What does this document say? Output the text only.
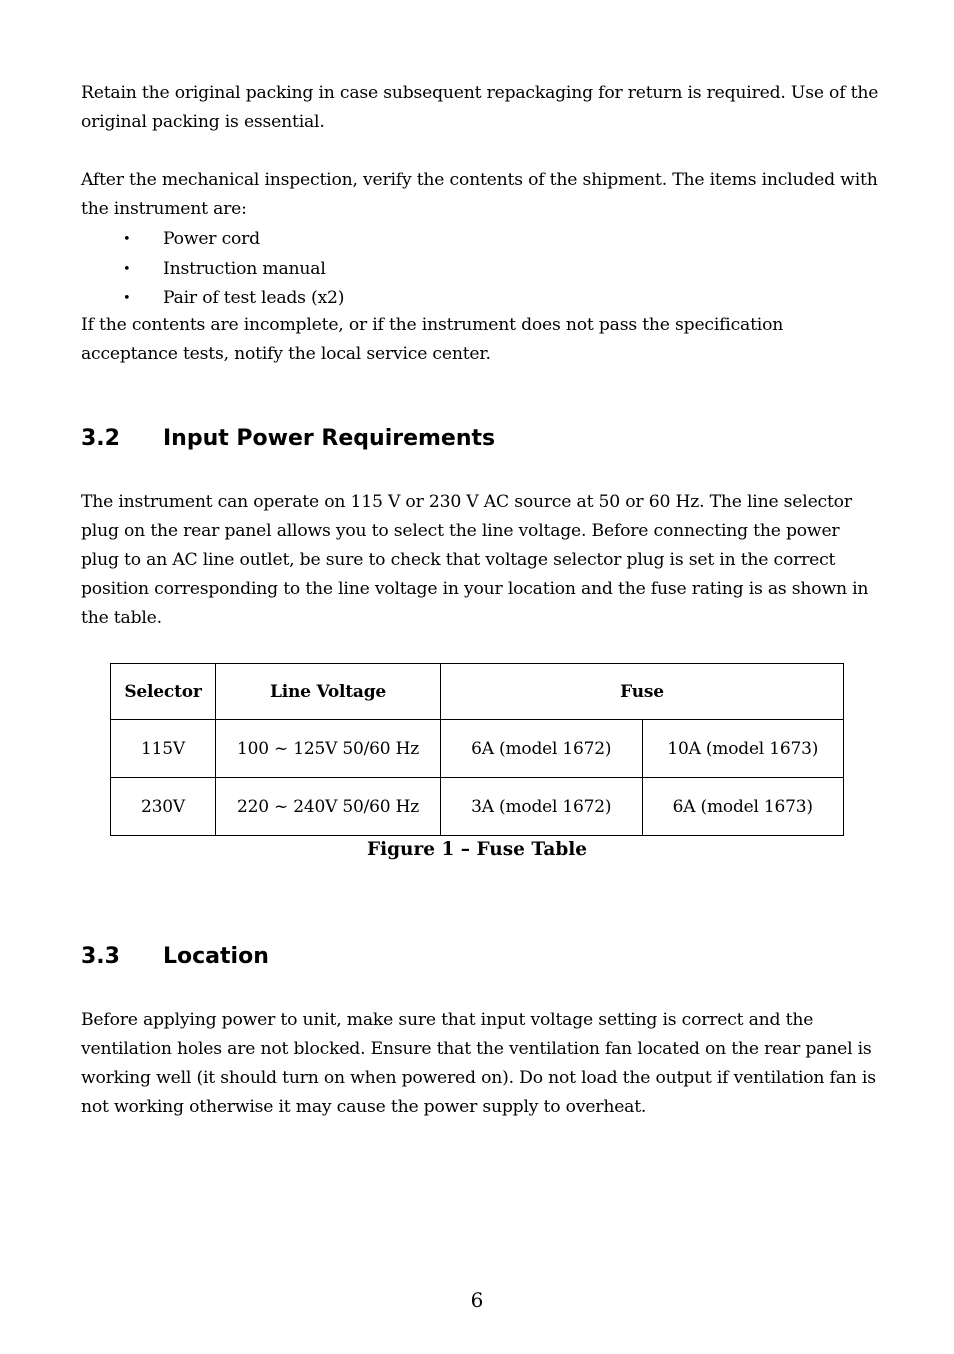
Retain the original packing in case subsequent repackaging for return is required. Use of the original packing is essential.

After the mechanical inspection, verify the contents of the shipment. The items included with the instrument are:

• Power cord
• Instruction manual
• Pair of test leads (x2)

If the contents are incomplete, or if the instrument does not pass the specification acceptance tests, notify the local service center.

3.2 Input Power Requirements

The instrument can operate on 115 V or 230 V AC source at 50 or 60 Hz. The line selector plug on the rear panel allows you to select the line voltage. Before connecting the power plug to an AC line outlet, be sure to check that voltage selector plug is set in the correct position corresponding to the line voltage in your location and the fuse rating is as shown in the table.

Selector	Line Voltage	Fuse	
115V	100 ~ 125V 50/60 Hz	6A (model 1672)	10A (model 1673)
230V	220 ~ 240V 50/60 Hz	3A (model 1672)	6A (model 1673)
Figure 1 – Fuse Table
3.3 Location

Before applying power to unit, make sure that input voltage setting is correct and the ventilation holes are not blocked. Ensure that the ventilation fan located on the rear panel is working well (it should turn on when powered on). Do not load the output if ventilation fan is not working otherwise it may cause the power supply to overheat.

6
